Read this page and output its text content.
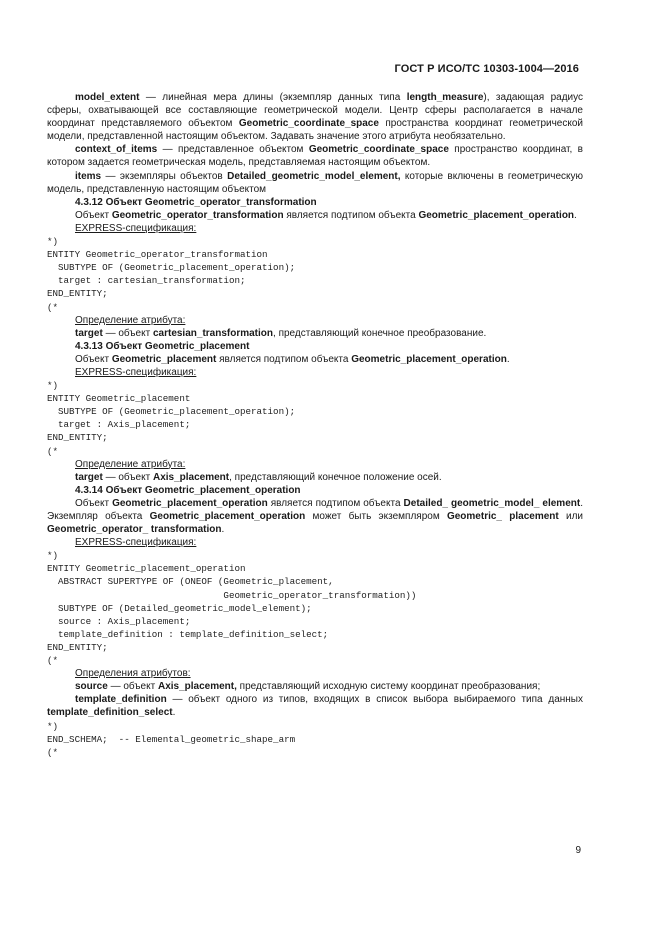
ГОСТ Р ИСО/ТС 10303-1004—2016

model_extent — линейная мера длины (экземпляр данных типа length_measure), задающая радиус сферы, охватывающей все составляющие геометрической модели. Центр сферы располагается в начале координат представляемого объектом Geometric_coordinate_space пространства координат геометрической модели, представленной настоящим объектом. Задавать значение этого атрибута необязательно.

context_of_items — представленное объектом Geometric_coordinate_space пространство координат, в котором задается геометрическая модель, представляемая настоящим объектом.

items — экземпляры объектов Detailed_geometric_model_element, которые включены в геометрическую модель, представленную настоящим объектом

4.3.12 Объект Geometric_operator_transformation

Объект Geometric_operator_transformation является подтипом объекта Geometric_placement_operation.

EXPRESS-спецификация:

*)
ENTITY Geometric_operator_transformation
SUBTYPE OF (Geometric_placement_operation);
target : cartesian_transformation;
END_ENTITY;
(*

Определение атрибута:

target — объект cartesian_transformation, представляющий конечное преобразование.

4.3.13 Объект Geometric_placement

Объект Geometric_placement является подтипом объекта Geometric_placement_operation.

EXPRESS-спецификация:

*)
ENTITY Geometric_placement
SUBTYPE OF (Geometric_placement_operation);
target : Axis_placement;
END_ENTITY;
(*

Определение атрибута:

target — объект Axis_placement, представляющий конечное положение осей.

4.3.14 Объект Geometric_placement_operation

Объект Geometric_placement_operation является подтипом объекта Detailed_ geometric_model_ element. Экземпляр объекта Geometric_placement_operation может быть экземпляром Geometric_ placement или Geometric_operator_ transformation.

EXPRESS-спецификация:

*)
ENTITY Geometric_placement_operation
ABSTRACT SUPERTYPE OF (ONEOF (Geometric_placement,
Geometric_operator_transformation))
SUBTYPE OF (Detailed_geometric_model_element);
source : Axis_placement;
template_definition : template_definition_select;
END_ENTITY;
(*

Определения атрибутов:

source — объект Axis_placement, представляющий исходную систему координат преобразования;

template_definition — объект одного из типов, входящих в список выбора выбираемого типа данных template_definition_select.

*)
END_SCHEMA;  -- Elemental_geometric_shape_arm
(*
9
